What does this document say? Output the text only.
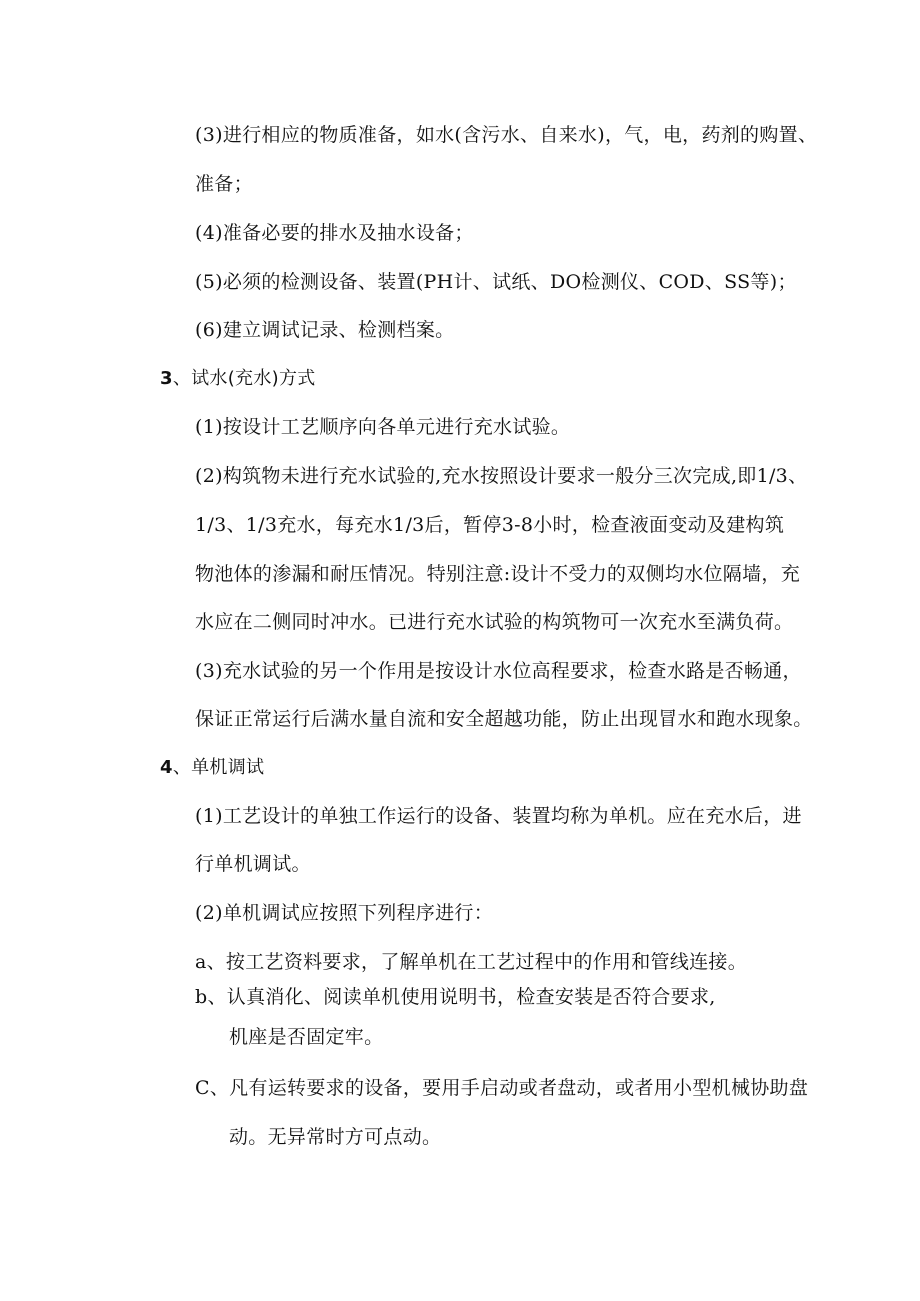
(3)进行相应的物质准备，如水(含污水、自来水)，气，电，药剂的购置、
准备；
(4)准备必要的排水及抽水设备；
(5)必须的检测设备、装置(PH计、试纸、DO检测仪、COD、SS等)；
(6)建立调试记录、检测档案。
3、试水(充水)方式
(1)按设计工艺顺序向各单元进行充水试验。
(2)构筑物未进行充水试验的,充水按照设计要求一般分三次完成,即1/3、
1/3、1/3充水，每充水1/3后，暂停3-8小时，检查液面变动及建构筑
物池体的渗漏和耐压情况。特别注意:设计不受力的双侧均水位隔墙，充
水应在二侧同时冲水。已进行充水试验的构筑物可一次充水至满负荷。
(3)充水试验的另一个作用是按设计水位高程要求，检查水路是否畅通，
保证正常运行后满水量自流和安全超越功能，防止出现冒水和跑水现象。
4、单机调试
(1)工艺设计的单独工作运行的设备、装置均称为单机。应在充水后，进
行单机调试。
(2)单机调试应按照下列程序进行：
a、按工艺资料要求，了解单机在工艺过程中的作用和管线连接。
b、认真消化、阅读单机使用说明书，检查安装是否符合要求,
机座是否固定牢。
C、凡有运转要求的设备，要用手启动或者盘动，或者用小型机械协助盘
动。无异常时方可点动。
